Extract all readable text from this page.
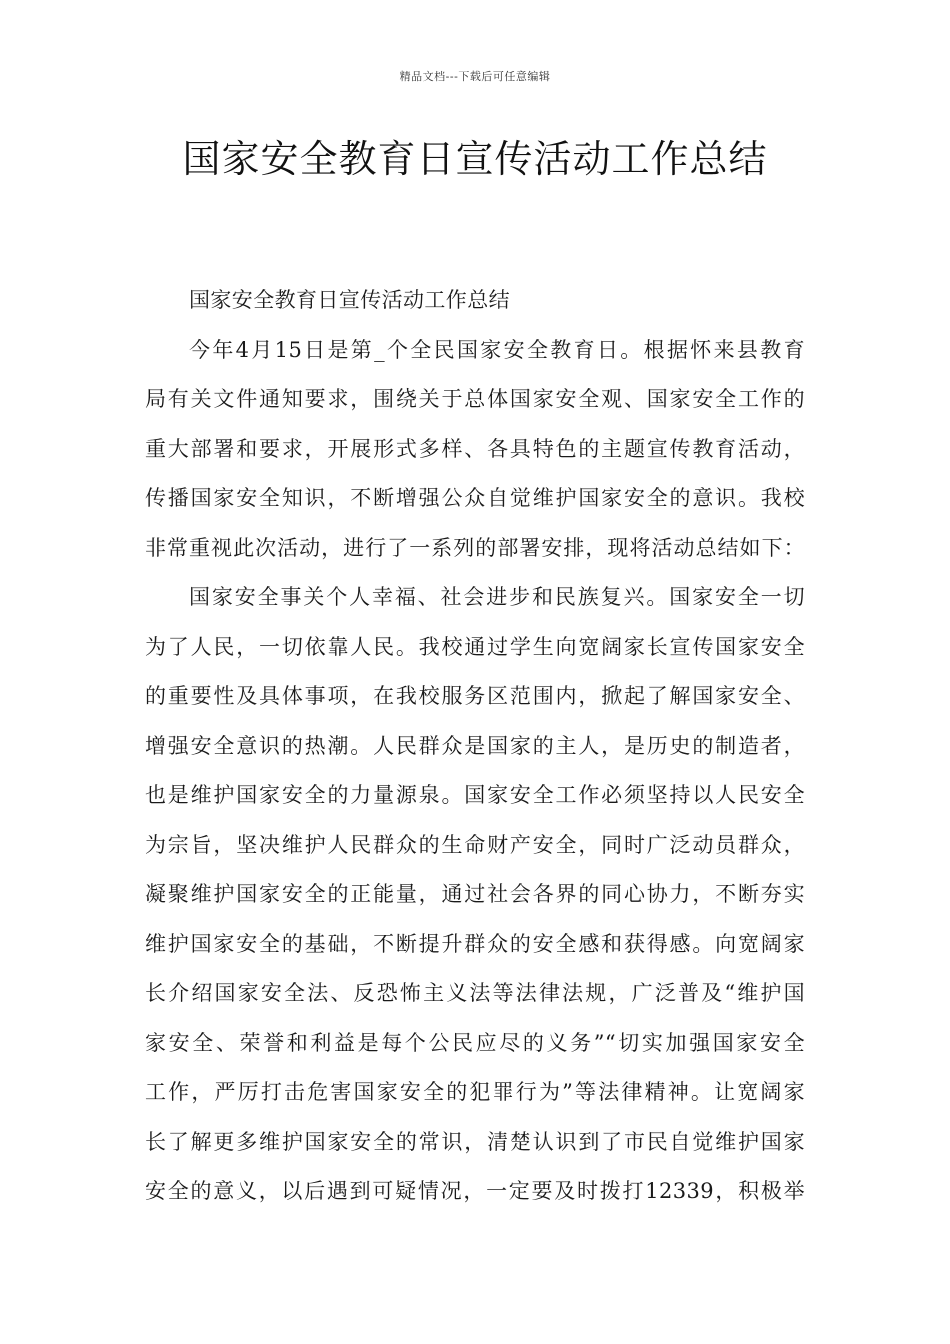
精品文档---下载后可任意编辑
国家安全教育日宣传活动工作总结
国家安全教育日宣传活动工作总结
今年4月15日是第_个全民国家安全教育日。根据怀来县教育
局有关文件通知要求，围绕关于总体国家安全观、国家安全工作的
重大部署和要求，开展形式多样、各具特色的主题宣传教育活动，
传播国家安全知识，不断增强公众自觉维护国家安全的意识。我校
非常重视此次活动，进行了一系列的部署安排，现将活动总结如下：
国家安全事关个人幸福、社会进步和民族复兴。国家安全一切
为了人民，一切依靠人民。我校通过学生向宽阔家长宣传国家安全
的重要性及具体事项，在我校服务区范围内，掀起了解国家安全、
增强安全意识的热潮。人民群众是国家的主人，是历史的制造者，
也是维护国家安全的力量源泉。国家安全工作必须坚持以人民安全
为宗旨，坚决维护人民群众的生命财产安全，同时广泛动员群众，
凝聚维护国家安全的正能量，通过社会各界的同心协力，不断夯实
维护国家安全的基础，不断提升群众的安全感和获得感。向宽阔家
长介绍国家安全法、反恐怖主义法等法律法规，广泛普及“维护国
家安全、荣誉和利益是每个公民应尽的义务”“切实加强国家安全
工作，严厉打击危害国家安全的犯罪行为”等法律精神。让宽阔家
长了解更多维护国家安全的常识，清楚认识到了市民自觉维护国家
安全的意义，以后遇到可疑情况，一定要及时拨打12339，积极举
